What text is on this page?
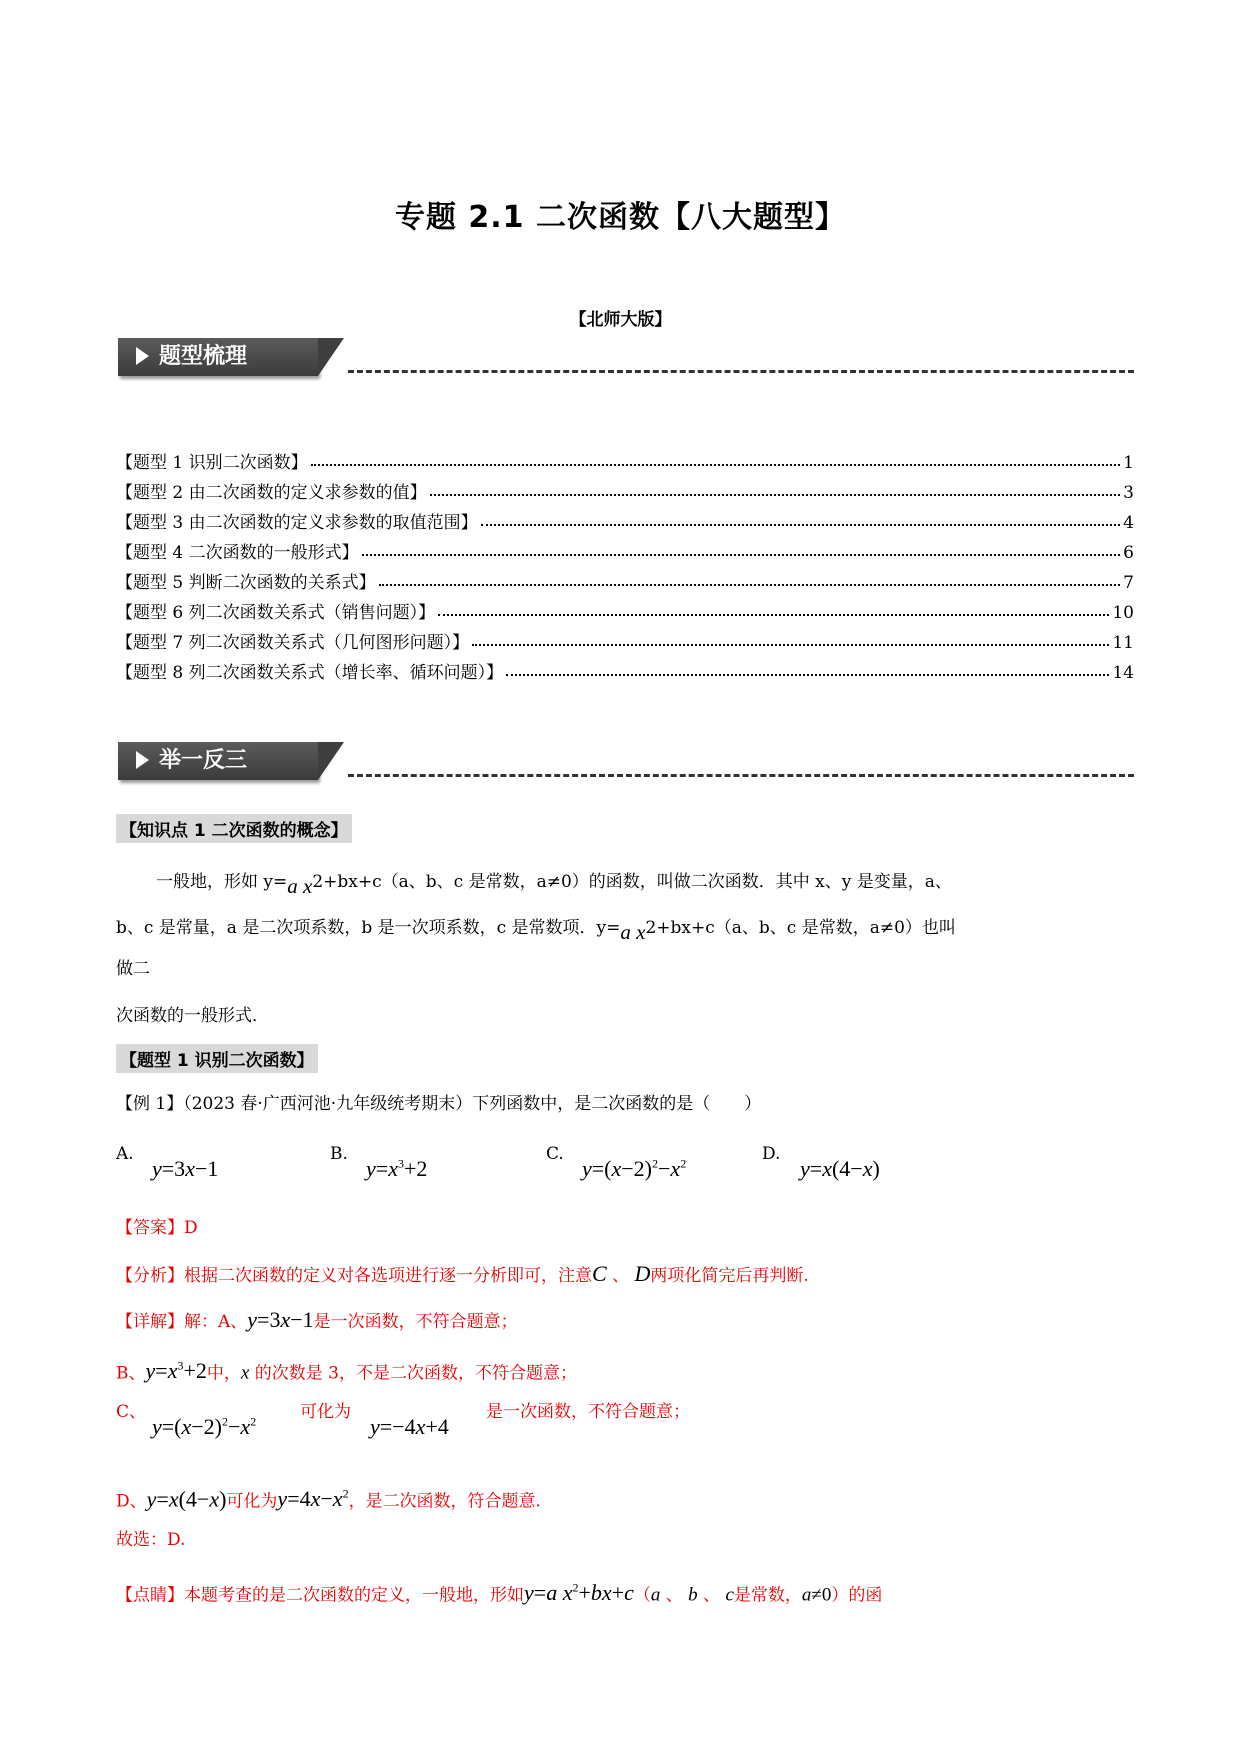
专题 2.1 二次函数【八大题型】
【北师大版】
题型梳理
【题型 1 识别二次函数】	1
【题型 2 由二次函数的定义求参数的值】	3
【题型 3 由二次函数的定义求参数的取值范围】	4
【题型 4 二次函数的一般形式】	6
【题型 5 判断二次函数的关系式】	7
【题型 6 列二次函数关系式（销售问题）】	10
【题型 7 列二次函数关系式（几何图形问题）】	11
【题型 8 列二次函数关系式（增长率、循环问题）】	14
举一反三
【知识点 1 二次函数的概念】
一般地，形如 y=a x2+bx+c（a、b、c 是常数，a≠0）的函数，叫做二次函数．其中 x、y 是变量，a、
b、c 是常量，a 是二次项系数，b 是一次项系数，c 是常数项．y=a x2+bx+c（a、b、c 是常数，a≠0）也叫
做二
次函数的一般形式．
【题型 1 识别二次函数】
【例 1】（2023 春·广西河池·九年级统考期末）下列函数中，是二次函数的是（　　）
A.
y=3x−1
B.
$y=x^3+2$
C.
$y=(x-2)^2-x^2$	D.
y=x(4−x)
【答案】D
【分析】根据二次函数的定义对各选项进行逐一分析即可，注意C 、 D两项化简完后再判断.
【详解】解：A、y=3x−1是一次函数，不符合题意；
B、$y=x^3+2$中，x 的次数是 3，不是二次函数，不符合题意；
C、
$y=(x-2)^2-x^2$	可化为
y=−4x+4
是一次函数，不符合题意；
D、y=x(4−x)可化为$y=4x-x^2$，是二次函数，符合题意.
故选：D.
【点睛】本题考查的是二次函数的定义，一般地，形如y=a $x^2+bx+c(a$ 、 b 、 c是常数，a≠0）的函
